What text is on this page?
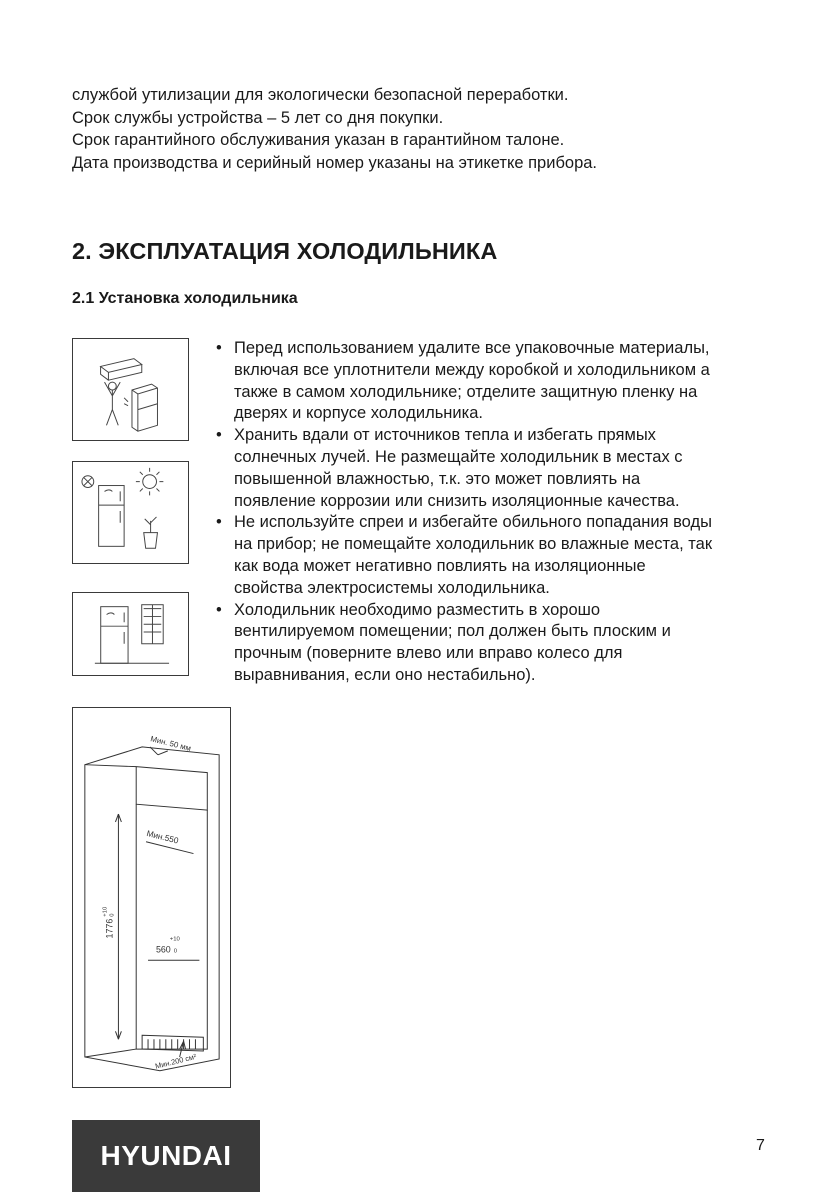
службой утилизации для экологически безопасной переработки.

Срок службы устройства – 5 лет со дня покупки.

Срок гарантийного обслуживания указан в гарантийном талоне.

Дата производства и серийный номер указаны на этикетке прибора.

2. ЭКСПЛУАТАЦИЯ ХОЛОДИЛЬНИКА
2.1 Установка холодильника
• Перед использованием удалите все упаковочные материалы,
включая все уплотнители между коробкой и холодильником а
также в самом холодильнике; отделите защитную пленку на
дверях и корпусе холодильника.
• Хранить вдали от источников тепла и избегать прямых
солнечных лучей. Не размещайте холодильник в местах с
повышенной влажностью, т.к. это может повлиять на
появление коррозии или снизить изоляционные качества.
• Не используйте спреи и избегайте обильного попадания воды
на прибор; не помещайте холодильник во влажные места, так
как вода может негативно повлиять на изоляционные
свойства электросистемы холодильника.
• Холодильник необходимо разместить в хорошо
вентилируемом помещении; пол должен быть плоским и
прочным (поверните влево или вправо колесо для
выравнивания, если оно нестабильно).
Мин. 50 мм
Мин.550
1776
+10 0
560
+10
0
Мин.200 см²
HYUNDAI	7
